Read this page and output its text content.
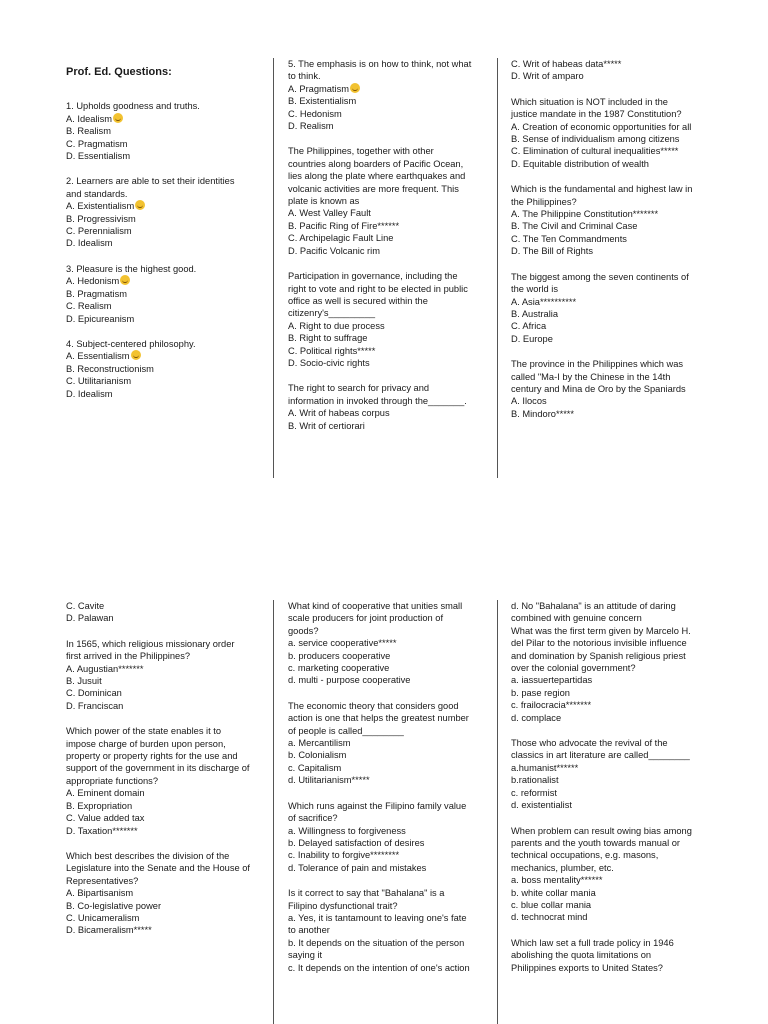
Prof. Ed. Questions:
1. Upholds goodness and truths.
A. Idealism
B. Realism
C. Pragmatism
D. Essentialism
2. Learners are able to set their identities
and standards.
A. Existentialism
B. Progressivism
C. Perennialism
D. Idealism
3. Pleasure is the highest good.
A. Hedonism
B. Pragmatism
C. Realism
D. Epicureanism
4. Subject-centered philosophy.
A. Essentialism
B. Reconstructionism
C. Utilitarianism
D. Idealism
5. The emphasis is on how to think, not what
to think.
A. Pragmatism
B. Existentialism
C. Hedonism
D. Realism
The Philippines, together with other
countries along boarders of Pacific Ocean,
lies along the plate where earthquakes and
volcanic activities are more frequent. This
plate is known as
A. West Valley Fault
B. Pacific Ring of Fire******
C. Archipelagic Fault Line
D. Pacific Volcanic rim
Participation in governance, including the
right to vote and right to be elected in public
office as well is secured within the
citizenry's_________
A. Right to due process
B. Right to suffrage
C. Political rights*****
D. Socio-civic rights
The right to search for privacy and
information in invoked through the_______.
A. Writ of habeas corpus
B. Writ of certiorari
C. Writ of habeas data*****
D. Writ of amparo
Which situation is NOT included in the
justice mandate in the 1987 Constitution?
A. Creation of economic opportunities for all
B. Sense of individualism among citizens
C. Elimination of cultural inequalities*****
D. Equitable distribution of wealth
Which is the fundamental and highest law in
the Philippines?
A. The Philippine Constitution*******
B. The Civil and Criminal Case
C. The Ten Commandments
D. The Bill of Rights
The biggest among the seven continents of
the world is
A. Asia**********
B. Australia
C. Africa
D. Europe
The province in the Philippines which was
called "Ma-I by the Chinese in the 14th
century and Mina de Oro by the Spaniards
A. Ilocos
B. Mindoro*****
C. Cavite
D. Palawan
In 1565, which religious missionary order
first arrived in the Philippines?
A. Augustian*******
B. Jusuit
C. Dominican
D. Franciscan
Which power of the state enables it to
impose charge of burden upon person,
property or property rights for the use and
support of the government in its discharge of
appropriate functions?
A. Eminent domain
B. Expropriation
C. Value added tax
D. Taxation*******
Which best describes the division of the
Legislature into the Senate and the House of
Representatives?
A. Bipartisanism
B. Co-legislative power
C. Unicameralism
D. Bicameralism*****
What kind of cooperative that unities small
scale producers for joint production of
goods?
a. service cooperative*****
b. producers cooperative
c. marketing cooperative
d. multi - purpose cooperative
The economic theory that considers good
action is one that helps the greatest number
of people is called________
a. Mercantilism
b. Colonialism
c. Capitalism
d. Utilitarianism*****
Which runs against the Filipino family value
of sacrifice?
a. Willingness to forgiveness
b. Delayed satisfaction of desires
c. Inability to forgive********
d. Tolerance of pain and mistakes
Is it correct to say that "Bahalana" is a
Filipino dysfunctional trait?
a. Yes, it is tantamount to leaving one's fate
to another
b. It depends on the situation of the person
saying it
c. It depends on the intention of one's action
d. No "Bahalana" is an attitude of daring
combined with genuine concern
What was the first term given by Marcelo H.
del Pilar to the notorious invisible influence
and domination by Spanish religious priest
over the colonial government?
a. iassuertepartidas
b. pase region
c. frailocracia*******
d. complace
Those who advocate the revival of the
classics in art literature are called________
a.humanist******
b.rationalist
c. reformist
d. existentialist
When problem can result owing bias among
parents and the youth towards manual or
technical occupations, e.g. masons,
mechanics, plumber, etc.
a. boss mentality******
b. white collar mania
c. blue collar mania
d. technocrat mind
Which law set a full trade policy in 1946
abolishing the quota limitations on
Philippines exports to United States?
